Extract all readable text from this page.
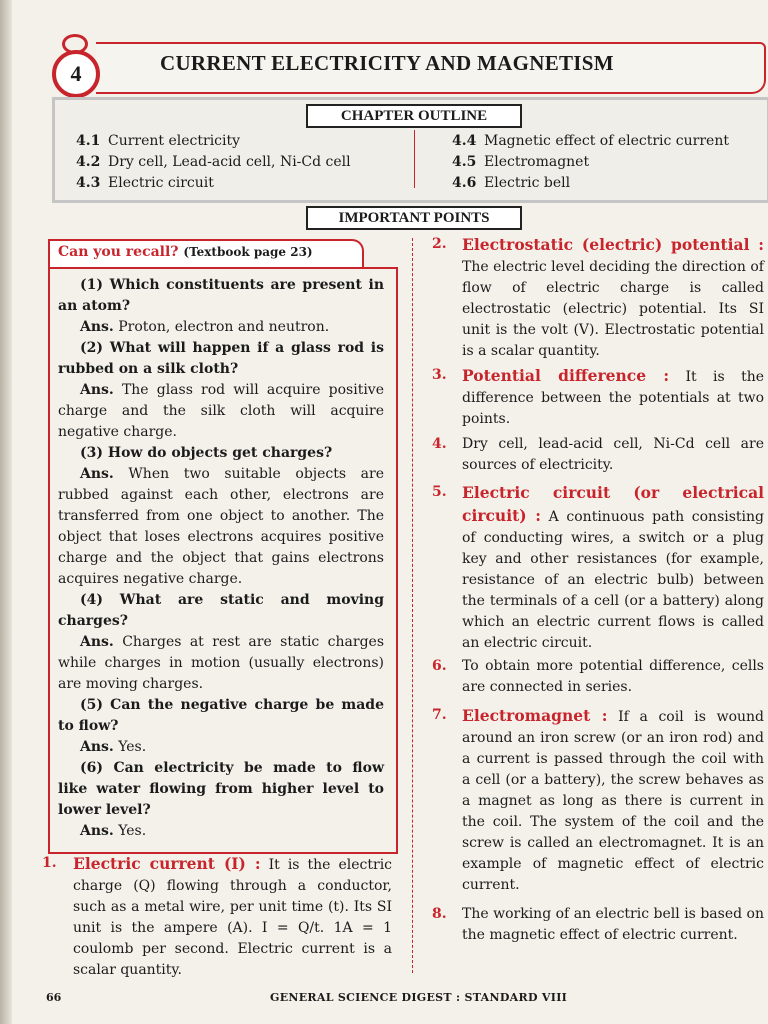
4	CURRENT ELECTRICITY AND MAGNETISM
CHAPTER OUTLINE
4.1 Current electricity
4.2 Dry cell, Lead-acid cell, Ni-Cd cell
4.3 Electric circuit
4.4 Magnetic effect of electric current
4.5 Electromagnet
4.6 Electric bell
IMPORTANT POINTS
Can you recall? (Textbook page 23)

(1) Which constituents are present in an atom?

Ans. Proton, electron and neutron.

(2) What will happen if a glass rod is rubbed on a silk cloth?

Ans. The glass rod will acquire positive charge and the silk cloth will acquire negative charge.

(3) How do objects get charges?

Ans. When two suitable objects are rubbed against each other, electrons are transferred from one object to another. The object that loses electrons acquires positive charge and the object that gains electrons acquires negative charge.

(4) What are static and moving charges?

Ans. Charges at rest are static charges while charges in motion (usually electrons) are moving charges.

(5) Can the negative charge be made to flow?

Ans. Yes.

(6) Can electricity be made to flow like water flowing from higher level to lower level?

Ans. Yes.

1. Electric current (I) : It is the electric charge (Q) flowing through a conductor, such as a metal wire, per unit time (t). Its SI unit is the ampere (A). I = Q/t. 1A = 1 coulomb per second. Electric current is a scalar quantity.
2. Electrostatic (electric) potential : The electric level deciding the direction of flow of electric charge is called electrostatic (electric) potential. Its SI unit is the volt (V). Electrostatic potential is a scalar quantity.
3. Potential difference : It is the difference between the potentials at two points.
4. Dry cell, lead-acid cell, Ni-Cd cell are sources of electricity.
5. Electric circuit (or electrical circuit) : A continuous path consisting of conducting wires, a switch or a plug key and other resistances (for example, resistance of an electric bulb) between the terminals of a cell (or a battery) along which an electric current flows is called an electric circuit.
6. To obtain more potential difference, cells are connected in series.
7. Electromagnet : If a coil is wound around an iron screw (or an iron rod) and a current is passed through the coil with a cell (or a battery), the screw behaves as a magnet as long as there is current in the coil. The system of the coil and the screw is called an electromagnet. It is an example of magnetic effect of electric current.
8. The working of an electric bell is based on the magnetic effect of electric current.
66	GENERAL SCIENCE DIGEST : STANDARD VIII
